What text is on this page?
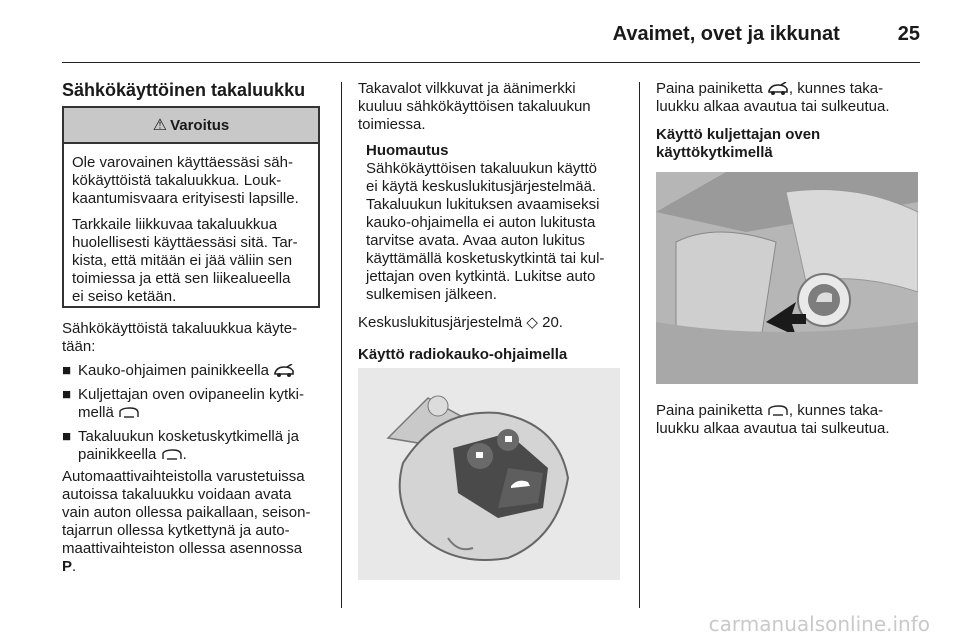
Avaimet, ovet ja ikkunat	25
Sähkökäyttöinen takaluukku
⚠ Varoitus

Ole varovainen käyttäessäsi säh-
kökäyttöistä takaluukkua. Louk-
kaantumisvaara erityisesti lapsille.

Tarkkaile liikkuvaa takaluukkua
huolellisesti käyttäessäsi sitä. Tar-
kista, että mitään ei jää väliin sen
toimiessa ja että sen liikealueella
ei seiso ketään.

Sähkökäyttöistä takaluukkua käyte-
tään:

■ Kauko-ohjaimen painikkeella
■ Kuljettajan oven ovipaneelin kytki-
mellä
■ Takaluukun kosketuskytkimellä ja
painikkeella .

Automaattivaihteistolla varustetuissa
autoissa takaluukku voidaan avata
vain auton ollessa paikallaan, seison-
tajarrun ollessa kytkettynä ja auto-
maattivaihteiston ollessa asennossa
P.

Takavalot vilkkuvat ja äänimerkki
kuuluu sähkökäyttöisen takaluukun
toimiessa.

Huomautus
Sähkökäyttöisen takaluukun käyttö
ei käytä keskuslukitusjärjestelmää.
Takaluukun lukituksen avaamiseksi
kauko-ohjaimella ei auton lukitusta
tarvitse avata. Avaa auton lukitus
käyttämällä kosketuskytkintä tai kul-
jettajan oven kytkintä. Lukitse auto
sulkemisen jälkeen.

Keskuslukitusjärjestelmä ◇ 20.

Käyttö radiokauko-ohjaimella

Paina painiketta , kunnes taka-
luukku alkaa avautua tai sulkeutua.

Käyttö kuljettajan oven
käyttökytkimellä

Paina painiketta , kunnes taka-
luukku alkaa avautua tai sulkeutua.

carmanualsonline.info
